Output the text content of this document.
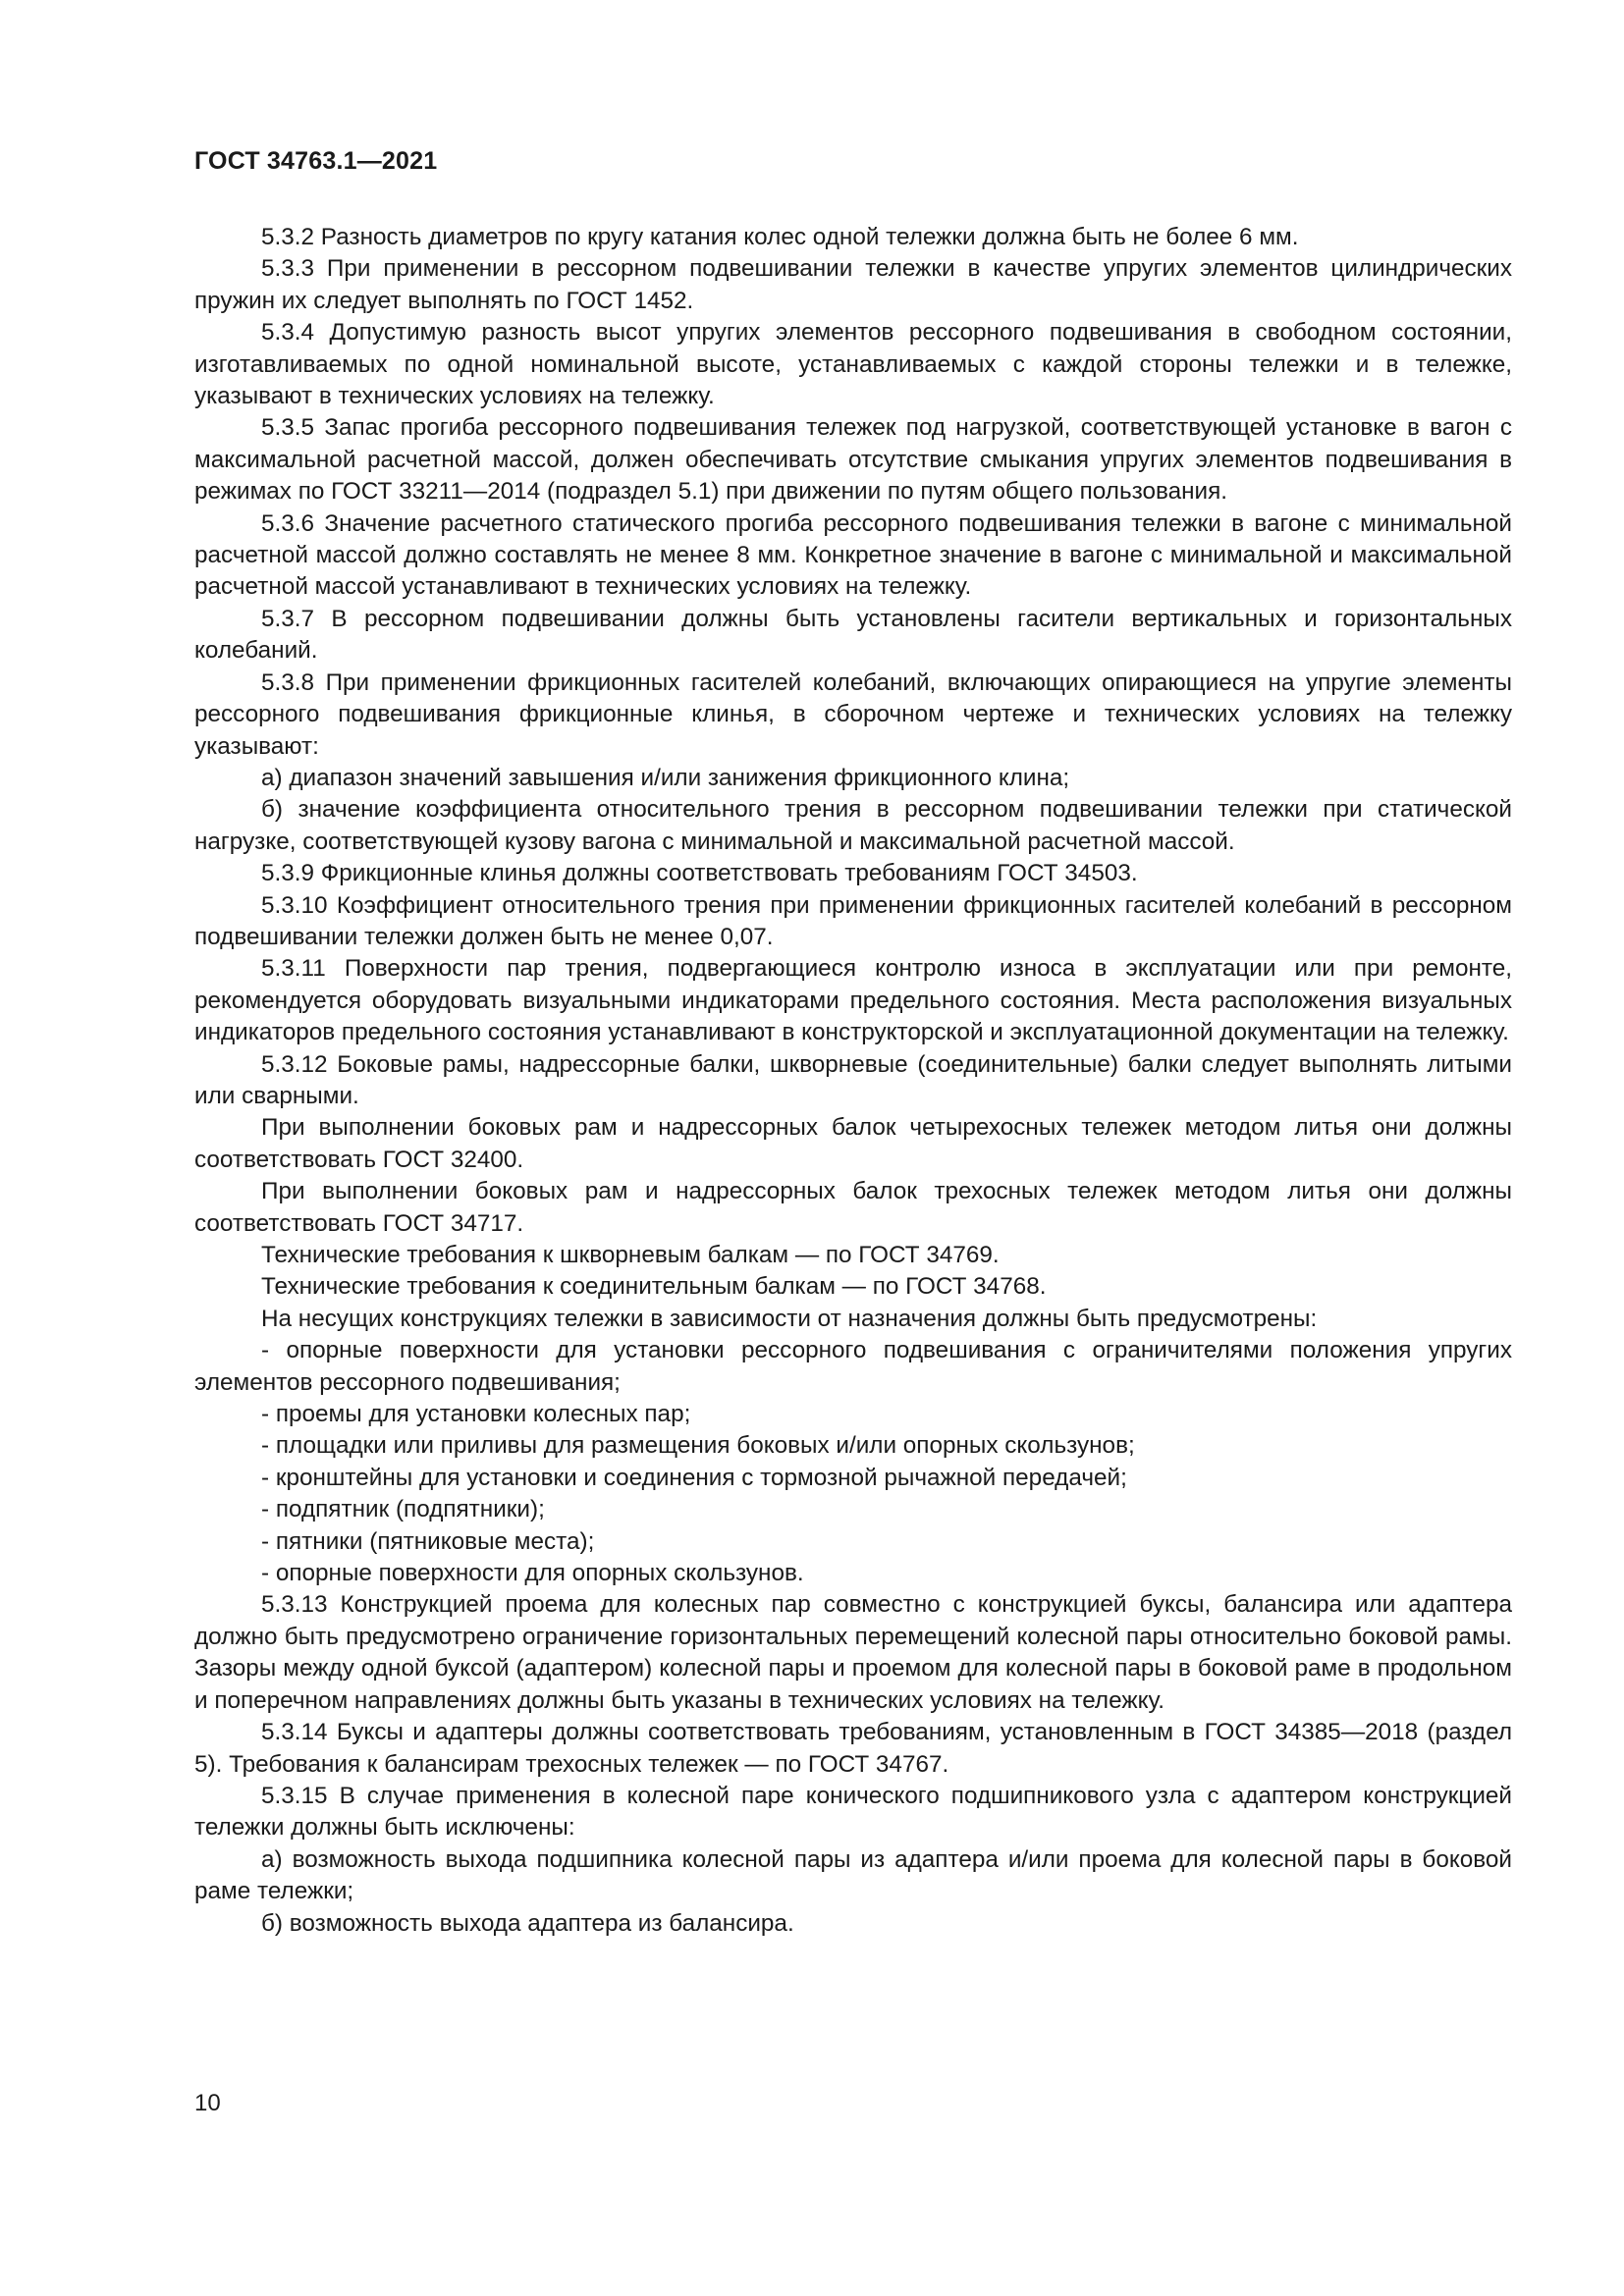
ГОСТ 34763.1—2021

5.3.2 Разность диаметров по кругу катания колес одной тележки должна быть не более 6 мм.

5.3.3 При применении в рессорном подвешивании тележки в качестве упругих элементов цилиндрических пружин их следует выполнять по ГОСТ 1452.

5.3.4 Допустимую разность высот упругих элементов рессорного подвешивания в свободном состоянии, изготавливаемых по одной номинальной высоте, устанавливаемых с каждой стороны тележки и в тележке, указывают в технических условиях на тележку.

5.3.5 Запас прогиба рессорного подвешивания тележек под нагрузкой, соответствующей установке в вагон с максимальной расчетной массой, должен обеспечивать отсутствие смыкания упругих элементов подвешивания в режимах по ГОСТ 33211—2014 (подраздел 5.1) при движении по путям общего пользования.

5.3.6 Значение расчетного статического прогиба рессорного подвешивания тележки в вагоне с минимальной расчетной массой должно составлять не менее 8 мм. Конкретное значение в вагоне с минимальной и максимальной расчетной массой устанавливают в технических условиях на тележку.

5.3.7 В рессорном подвешивании должны быть установлены гасители вертикальных и горизонтальных колебаний.

5.3.8 При применении фрикционных гасителей колебаний, включающих опирающиеся на упругие элементы рессорного подвешивания фрикционные клинья, в сборочном чертеже и технических условиях на тележку указывают:

а) диапазон значений завышения и/или занижения фрикционного клина;

б) значение коэффициента относительного трения в рессорном подвешивании тележки при статической нагрузке, соответствующей кузову вагона с минимальной и максимальной расчетной массой.

5.3.9 Фрикционные клинья должны соответствовать требованиям ГОСТ 34503.

5.3.10 Коэффициент относительного трения при применении фрикционных гасителей колебаний в рессорном подвешивании тележки должен быть не менее 0,07.

5.3.11 Поверхности пар трения, подвергающиеся контролю износа в эксплуатации или при ремонте, рекомендуется оборудовать визуальными индикаторами предельного состояния. Места расположения визуальных индикаторов предельного состояния устанавливают в конструкторской и эксплуатационной документации на тележку.

5.3.12 Боковые рамы, надрессорные балки, шкворневые (соединительные) балки следует выполнять литыми или сварными.

При выполнении боковых рам и надрессорных балок четырехосных тележек методом литья они должны соответствовать ГОСТ 32400.

При выполнении боковых рам и надрессорных балок трехосных тележек методом литья они должны соответствовать ГОСТ 34717.

Технические требования к шкворневым балкам — по ГОСТ 34769.

Технические требования к соединительным балкам — по ГОСТ 34768.

На несущих конструкциях тележки в зависимости от назначения должны быть предусмотрены:

- опорные поверхности для установки рессорного подвешивания с ограничителями положения упругих элементов рессорного подвешивания;

- проемы для установки колесных пар;

- площадки или приливы для размещения боковых и/или опорных скользунов;

- кронштейны для установки и соединения с тормозной рычажной передачей;

- подпятник (подпятники);

- пятники (пятниковые места);

- опорные поверхности для опорных скользунов.

5.3.13 Конструкцией проема для колесных пар совместно с конструкцией буксы, балансира или адаптера должно быть предусмотрено ограничение горизонтальных перемещений колесной пары относительно боковой рамы. Зазоры между одной буксой (адаптером) колесной пары и проемом для колесной пары в боковой раме в продольном и поперечном направлениях должны быть указаны в технических условиях на тележку.

5.3.14 Буксы и адаптеры должны соответствовать требованиям, установленным в ГОСТ 34385—2018 (раздел 5). Требования к балансирам трехосных тележек — по ГОСТ 34767.

5.3.15 В случае применения в колесной паре конического подшипникового узла с адаптером конструкцией тележки должны быть исключены:

а) возможность выхода подшипника колесной пары из адаптера и/или проема для колесной пары в боковой раме тележки;

б) возможность выхода адаптера из балансира.

10
